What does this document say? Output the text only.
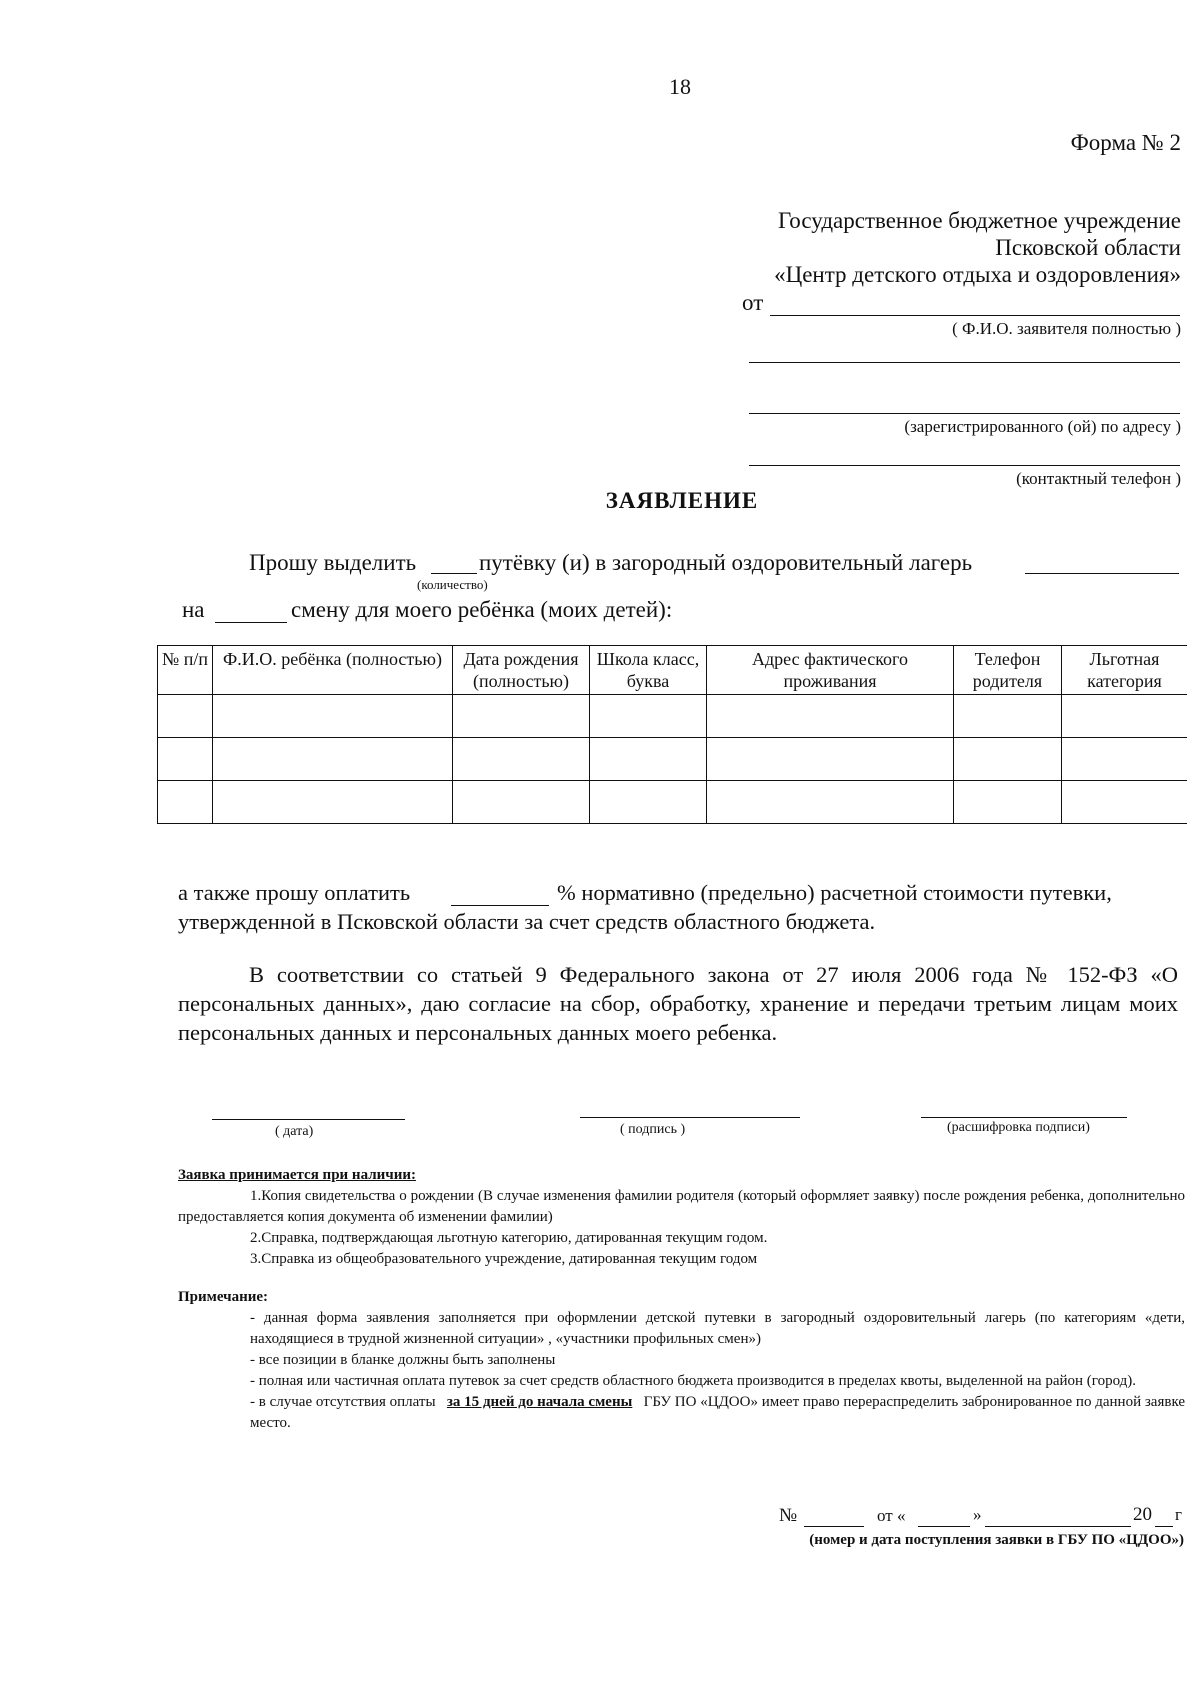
18
Форма № 2
Государственное бюджетное учреждение
Псковской области
«Центр детского отдыха и оздоровления»
от
( Ф.И.О. заявителя полностью )
(зарегистрированного (ой) по адресу )
(контактный телефон )
ЗАЯВЛЕНИЕ
Прошу выделить	путёвку (и) в загородный оздоровительный лагерь
(количество)
на	смену для моего ребёнка (моих детей):
№ п/п	Ф.И.О. ребёнка (полностью)	Дата рождения (полностью)	Школа класс, буква	Адрес фактического проживания	Телефон родителя	Льготная категория

а также прошу оплатить	% нормативно (предельно) расчетной стоимости путевки,
утвержденной в Псковской области за счет средств областного бюджета.
В соответствии со статьей 9 Федерального закона от 27 июля 2006 года № 152-ФЗ «О персональных данных», даю согласие на сбор, обработку, хранение и передачи третьим лицам моих персональных данных и персональных данных моего ребенка.
( дата)	( подпись )	(расшифровка подписи)
Заявка принимается при наличии:
1.Копия свидетельства о рождении (В случае изменения фамилии родителя (который оформляет заявку) после рождения ребенка, дополнительно предоставляется копия документа об изменении фамилии)
2.Справка, подтверждающая льготную категорию, датированная текущим годом.
3.Справка из общеобразовательного учреждение, датированная текущим годом
Примечание:
- данная форма заявления заполняется при оформлении детской путевки в загородный оздоровительный лагерь (по категориям «дети, находящиеся в трудной жизненной ситуации» , «участники профильных смен»)
- все позиции в бланке должны быть заполнены
- полная или частичная оплата путевок за счет средств областного бюджета производится в пределах квоты, выделенной на район (город).
- в случае отсутствия оплаты за 15 дней до начала смены ГБУ ПО «ЦДОО» имеет право перераспределить забронированное по данной заявке место.
№	от «	»	20 г
(номер и дата поступления заявки в ГБУ ПО «ЦДОО»)
